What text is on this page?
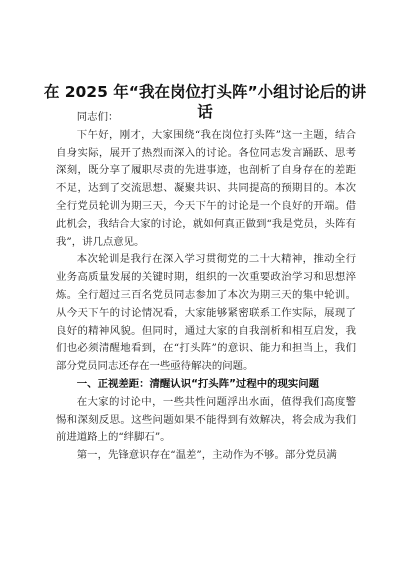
在 2025 年“我在岗位打头阵”小组讨论后的讲话

同志们：

下午好，刚才，大家围绕“我在岗位打头阵”这一主题，结合自身实际，展开了热烈而深入的讨论。各位同志发言踊跃、思考深刻，既分享了履职尽责的先进事迹，也剖析了自身存在的差距不足，达到了交流思想、凝聚共识、共同提高的预期目的。本次全行党员轮训为期三天，今天下午的讨论是一个良好的开端。借此机会，我结合大家的讨论，就如何真正做到“我是党员，头阵有我”，讲几点意见。

本次轮训是我行在深入学习贯彻党的二十大精神，推动全行业务高质量发展的关键时期，组织的一次重要政治学习和思想淬炼。全行超过三百名党员同志参加了本次为期三天的集中轮训。从今天下午的讨论情况看，大家能够紧密联系工作实际，展现了良好的精神风貌。但同时，通过大家的自我剖析和相互启发，我们也必须清醒地看到，在“打头阵”的意识、能力和担当上，我们部分党员同志还存在一些亟待解决的问题。

一、正视差距：清醒认识“打头阵”过程中的现实问题

在大家的讨论中，一些共性问题浮出水面，值得我们高度警惕和深刻反思。这些问题如果不能得到有效解决，将会成为我们前进道路上的“绊脚石”。

第一，先锋意识存在“温差”，主动作为不够。部分党员满
